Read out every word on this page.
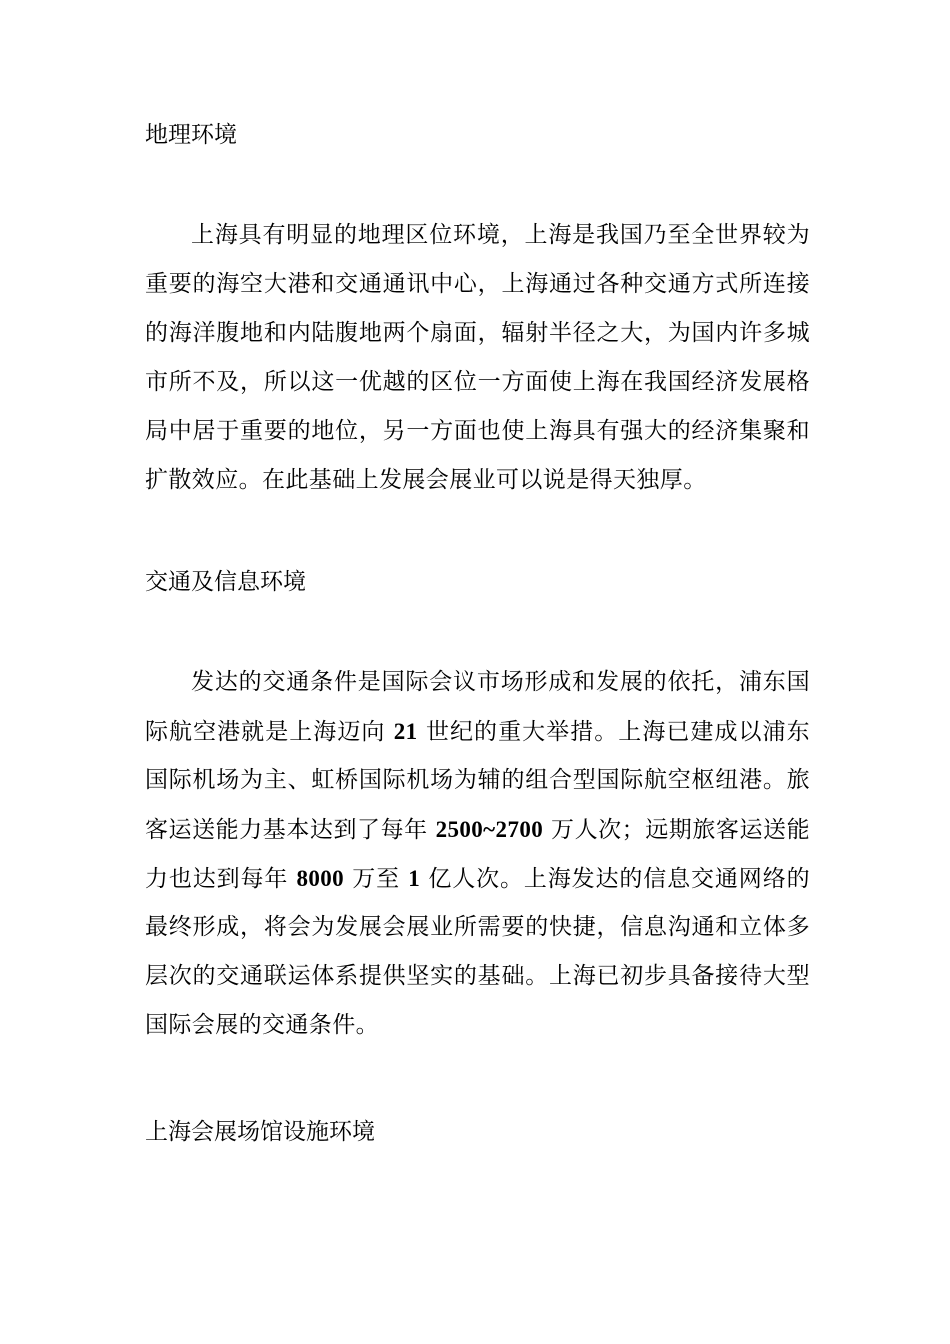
地理环境
上海具有明显的地理区位环境，上海是我国乃至全世界较为
重要的海空大港和交通通讯中心，上海通过各种交通方式所连接
的海洋腹地和内陆腹地两个扇面，辐射半径之大，为国内许多城
市所不及，所以这一优越的区位一方面使上海在我国经济发展格
局中居于重要的地位，另一方面也使上海具有强大的经济集聚和
扩散效应。在此基础上发展会展业可以说是得天独厚。
交通及信息环境
发达的交通条件是国际会议市场形成和发展的依托，浦东国
际航空港就是上海迈向 21 世纪的重大举措。上海已建成以浦东
国际机场为主、虹桥国际机场为辅的组合型国际航空枢纽港。旅
客运送能力基本达到了每年 2500~2700 万人次；远期旅客运送能
力也达到每年 8000 万至 1 亿人次。上海发达的信息交通网络的
最终形成，将会为发展会展业所需要的快捷，信息沟通和立体多
层次的交通联运体系提供坚实的基础。上海已初步具备接待大型
国际会展的交通条件。
上海会展场馆设施环境
